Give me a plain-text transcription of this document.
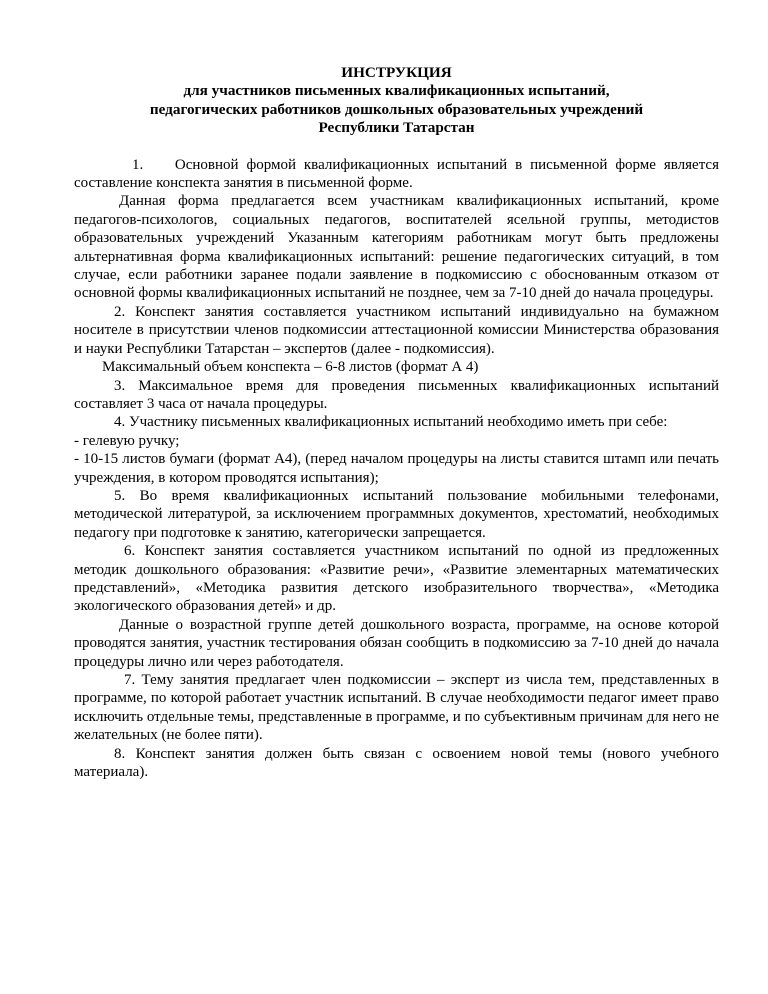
ИНСТРУКЦИЯ

для участников письменных квалификационных испытаний,

педагогических работников дошкольных образовательных учреждений

Республики Татарстан

1.    Основной формой квалификационных испытаний в письменной форме является составление конспекта занятия в письменной форме.

Данная форма предлагается всем участникам квалификационных испытаний, кроме педагогов-психологов, социальных педагогов, воспитателей ясельной группы, методистов образовательных учреждений Указанным категориям работникам могут быть предложены альтернативная форма квалификационных испытаний: решение педагогических ситуаций, в том случае, если работники заранее подали заявление в подкомиссию с обоснованным отказом от основной формы квалификационных испытаний не позднее, чем за 7-10 дней до начала процедуры.

2. Конспект занятия составляется участником испытаний индивидуально на бумажном носителе в присутствии членов подкомиссии аттестационной комиссии Министерства образования и науки Республики Татарстан – экспертов (далее - подкомиссия).

Максимальный объем конспекта – 6-8 листов (формат А 4)

3. Максимальное время для проведения письменных квалификационных испытаний составляет 3 часа от начала процедуры.

4. Участнику письменных квалификационных испытаний необходимо иметь при себе:

- гелевую ручку;

- 10-15 листов бумаги (формат А4), (перед началом процедуры на листы ставится штамп или печать учреждения, в котором проводятся испытания);

5. Во время квалификационных испытаний пользование мобильными телефонами, методической литературой, за исключением программных документов, хрестоматий, необходимых педагогу при подготовке к занятию, категорически запрещается.

6. Конспект занятия составляется участником испытаний по одной из предложенных методик дошкольного образования: «Развитие речи», «Развитие элементарных математических представлений», «Методика развития детского изобразительного творчества», «Методика экологического образования детей» и др.

Данные о возрастной группе детей дошкольного возраста, программе, на основе которой проводятся занятия, участник тестирования обязан сообщить в подкомиссию за 7-10 дней до начала процедуры лично или через работодателя.

7. Тему занятия предлагает член подкомиссии – эксперт из числа тем, представленных в программе, по которой работает участник испытаний. В случае необходимости педагог имеет право исключить отдельные темы, представленные в программе, и по субъективным причинам для него не желательных (не более пяти).

8. Конспект занятия должен быть связан с освоением новой темы (нового учебного материала).
